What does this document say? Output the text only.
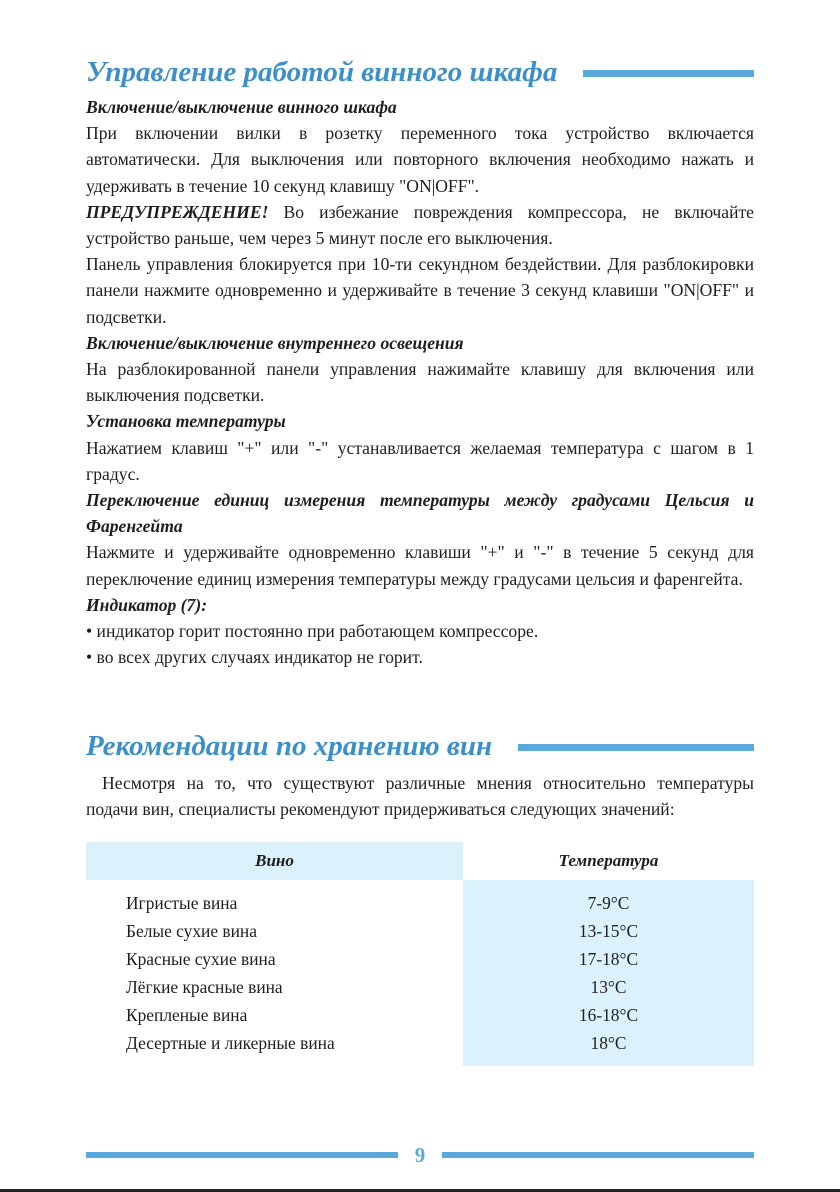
Управление работой винного шкафа

Включение/выключение винного шкафа

При включении вилки в розетку переменного тока устройство включается автоматически. Для выключения или повторного включения необходимо нажать и удерживать в течение 10 секунд клавишу "ON|OFF".

ПРЕДУПРЕЖДЕНИЕ! Во избежание повреждения компрессора, не включайте устройство раньше, чем через 5 минут после его выключения.

Панель управления блокируется при 10-ти секундном бездействии. Для разблокировки панели нажмите одновременно и удерживайте в течение 3 секунд клавиши "ON|OFF" и подсветки.

Включение/выключение внутреннего освещения

На разблокированной панели управления нажимайте клавишу для включения или выключения подсветки.

Установка температуры

Нажатием клавиш "+" или "-" устанавливается желаемая температура с шагом в 1 градус.

Переключение единиц измерения температуры между градусами Цельсия и Фаренгейта

Нажмите и удерживайте одновременно клавиши "+" и "-" в течение 5 секунд для переключение единиц измерения температуры между градусами цельсия и фаренгейта.

Индикатор (7):

• индикатор горит постоянно при работающем компрессоре.

• во всех других случаях индикатор не горит.

Рекомендации по хранению вин

Несмотря на то, что существуют различные мнения относительно температуры подачи вин, специалисты рекомендуют придерживаться следующих значений:

Вино	Температура
Игристые вина
Белые сухие вина
Красные сухие вина
Лёгкие красные вина
Крепленые вина
Десертные и ликерные вина
7-9°C
13-15°C
17-18°C
13°C
16-18°C
18°C
9
